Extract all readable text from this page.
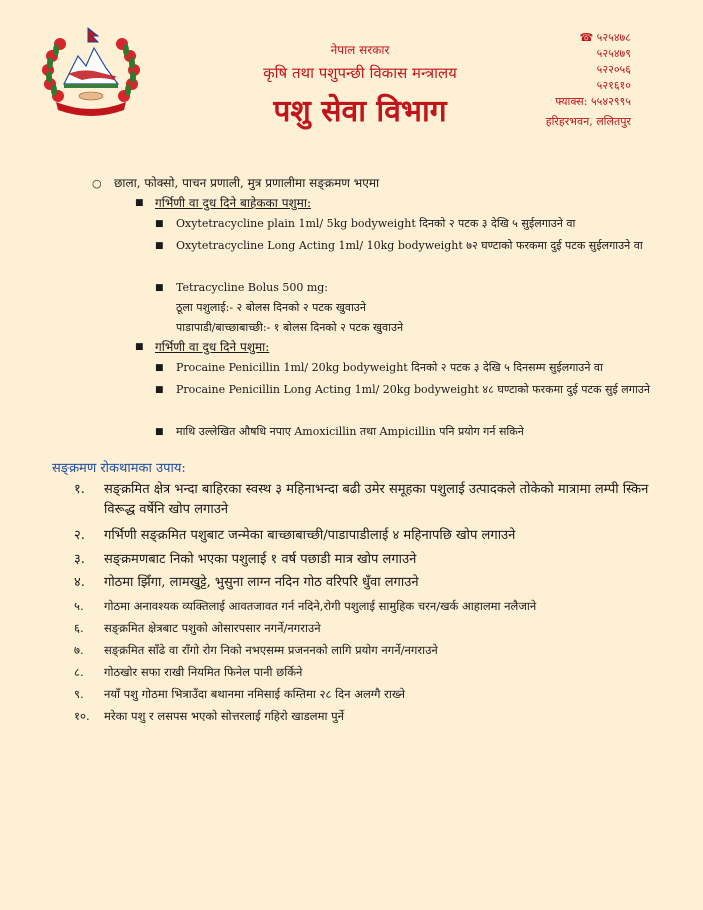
नेपाल सरकार
कृषि तथा पशुपन्छी विकास मन्त्रालय
पशु सेवा विभाग
☎ ५२५४७८
५२५४७९
५२२०५६
५२१६१०
फ्याक्स: ५५४२९९५
हरिहरभवन, ललितपुर
○ छाला, फोक्सो, पाचन प्रणाली, मुत्र प्रणालीमा सङ्‌क्रमण भएमा
■ गर्भिणी वा दुध दिने बाहेकका पशुमा:
■ Oxytetracycline plain 1ml/ 5kg bodyweight दिनको २ पटक ३ देखि ५ सुईलगाउने वा
■ Oxytetracycline Long Acting 1ml/ 10kg bodyweight ७२ घण्टाको फरकमा दुई पटक सुईलगाउने वा
■ Tetracycline Bolus 500 mg:
ठूला पशुलाई:- २ बोलस दिनको २ पटक खुवाउने
पाडापाडी/बाच्छाबाच्छी:- १ बोलस दिनको २ पटक खुवाउने
■ गर्भिणी वा दुध दिने पशुमा:
■ Procaine Penicillin 1ml/ 20kg bodyweight दिनको २ पटक ३ देखि ५ दिनसम्म सुईलगाउने वा
■ Procaine Penicillin Long Acting 1ml/ 20kg bodyweight ४८ घण्टाको फरकमा दुई पटक सुई लगाउने
■ माथि उल्लेखित औषधि नपाए Amoxicillin तथा Ampicillin पनि प्रयोग गर्न सकिने
सङ्‌क्रमण रोकथामका उपाय:
१.	सङ्‌क्रमित क्षेत्र भन्दा बाहिरका स्वस्थ ३ महिनाभन्दा बढी उमेर समूहका पशुलाई उत्पादकले तोकेको मात्रामा लम्पी स्किन विरूद्ध वर्षेनि खोप लगाउने
२.	गर्भिणी सङ्‌क्रमित पशुबाट जन्मेका बाच्छाबाच्छी/पाडापाडीलाई ४ महिनापछि खोप लगाउने
३.	सङ्‌क्रमणबाट निको भएका पशुलाई १ वर्ष पछाडी मात्र खोप लगाउने
४.	गोठमा झिँगा, लामखुट्टे, भुसुना लाग्न नदिन गोठ वरिपरि धुँवा लगाउने
५.	गोठमा अनावश्यक व्यक्तिलाई आवतजावत गर्न नदिने,रोगी पशुलाई सामुहिक चरन/खर्क आहालमा नलैजाने
६.	सङ्‌क्रमित क्षेत्रबाट पशुको ओसारपसार नगर्ने/नगराउने
७.	सङ्‌क्रमित साँढे वा राँगो रोग निको नभएसम्म प्रजननको लागि प्रयोग नगर्ने/नगराउने
८.	गोठखोर सफा राखी नियमित फिनेल पानी छर्किने
९.	नयाँ पशु गोठमा भित्राउँदा बथानमा नमिसाई कम्तिमा २८ दिन अलग्गै राख्ने
१०.	मरेका पशु र लसपस भएको सोत्तरलाई गहिरो खाडलमा पुर्ने
